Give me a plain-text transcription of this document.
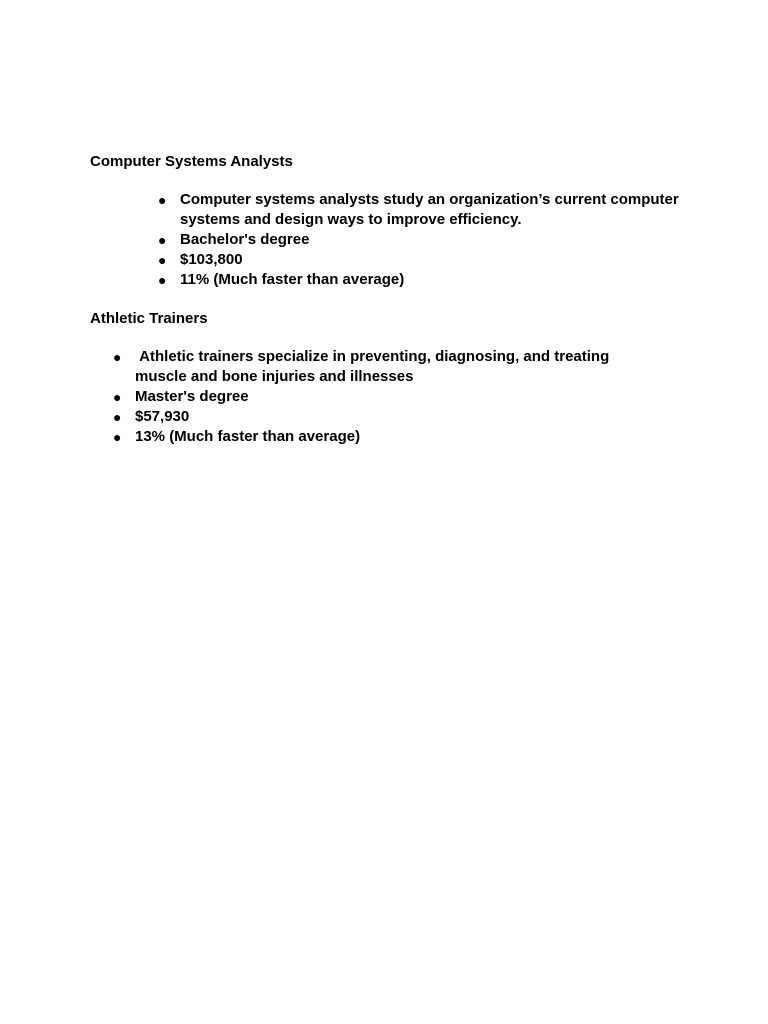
Computer Systems Analysts
● Computer systems analysts study an organization’s current computer systems and design ways to improve efficiency.
● Bachelor's degree
● $103,800
● 11% (Much faster than average)
Athletic Trainers
● Athletic trainers specialize in preventing, diagnosing, and treating muscle and bone injuries and illnesses
● Master's degree
● $57,930
● 13% (Much faster than average)
